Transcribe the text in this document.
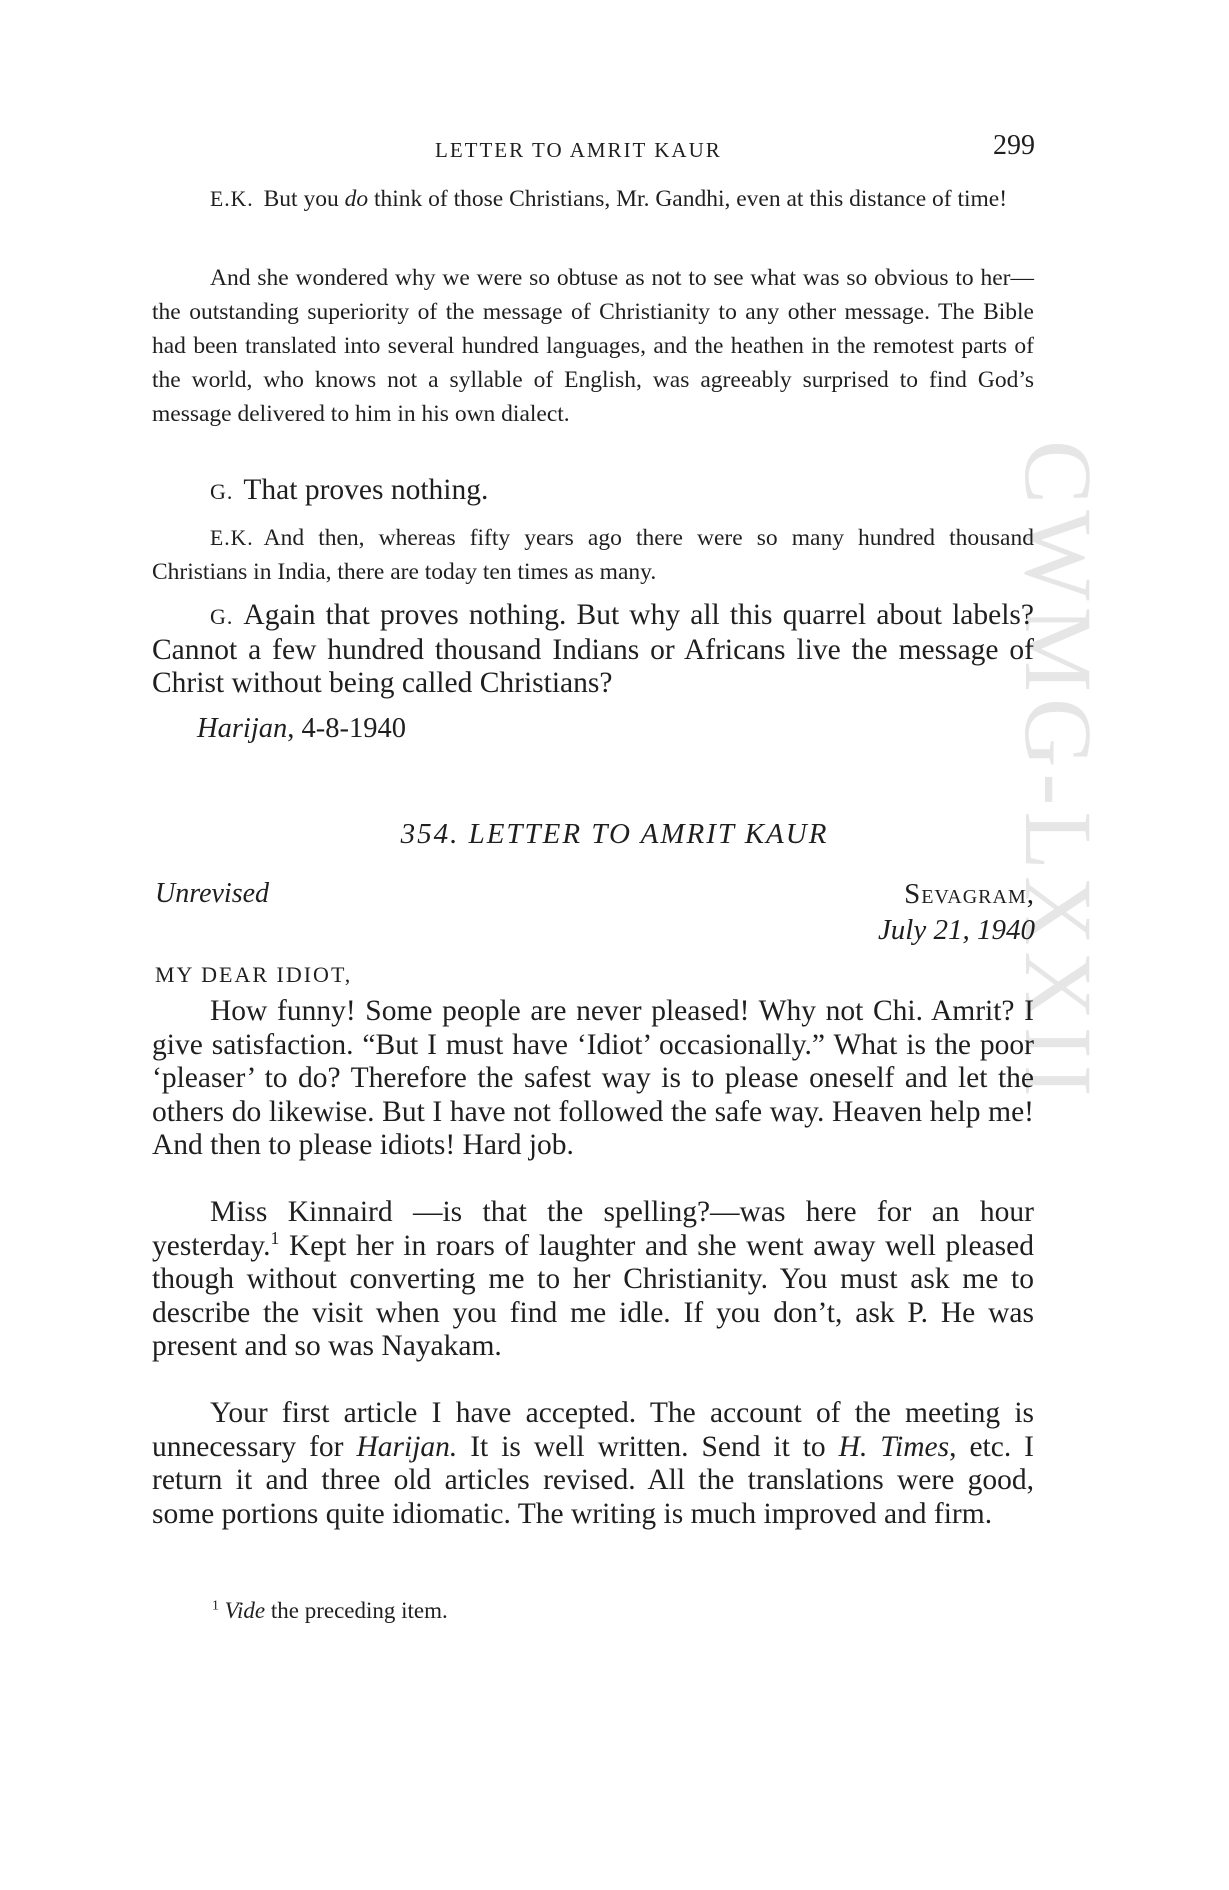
CWMG-LXXII
LETTER TO AMRIT KAUR	299
E.K. But you do think of those Christians, Mr. Gandhi, even at this distance of time!
And she wondered why we were so obtuse as not to see what was so obvious to her—the outstanding superiority of the message of Christianity to any other message. The Bible had been translated into several hundred languages, and the heathen in the remotest parts of the world, who knows not a syllable of English, was agreeably surprised to find God’s message delivered to him in his own dialect.
G. That proves nothing.
E.K. And then, whereas fifty years ago there were so many hundred thousand Christians in India, there are today ten times as many.
G. Again that proves nothing. But why all this quarrel about labels? Cannot a few hundred thousand Indians or Africans live the message of Christ without being called Christians?
Harijan, 4-8-1940
354. LETTER TO AMRIT KAUR
Unrevised	Sevagram,
July 21, 1940
MY DEAR IDIOT,
How funny! Some people are never pleased! Why not Chi. Amrit? I give satisfaction. “But I must have ‘Idiot’ occasionally.” What is the poor ‘pleaser’ to do? Therefore the safest way is to please oneself and let the others do likewise. But I have not followed the safe way. Heaven help me! And then to please idiots! Hard job.
Miss Kinnaird —is that the spelling?—was here for an hour yesterday.$^1$ Kept her in roars of laughter and she went away well pleased though without converting me to her Christianity. You must ask me to describe the visit when you find me idle. If you don’t, ask P. He was present and so was Nayakam.
Your first article I have accepted. The account of the meeting is unnecessary for Harijan. It is well written. Send it to H. Times, etc. I return it and three old articles revised. All the translations were good, some portions quite idiomatic. The writing is much improved and firm.
$^1$ Vide the preceding item.
